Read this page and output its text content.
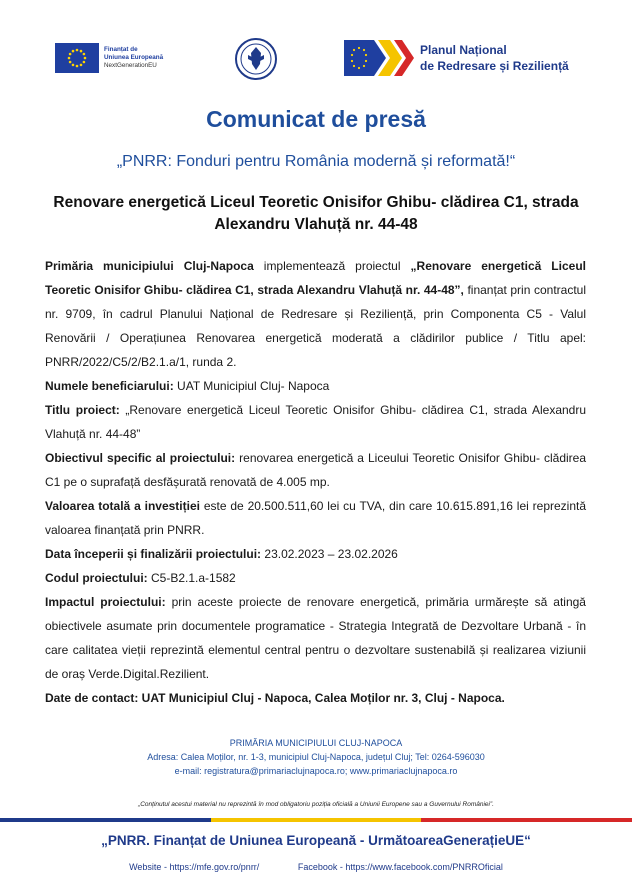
Finanțat de
Uniunea Europeană
NextGenerationEU
Planul Național
de Redresare și Reziliență
Comunicat de presă
„PNRR: Fonduri pentru România modernă și reformată!“
Renovare energetică Liceul Teoretic Onisifor Ghibu- clădirea C1, strada Alexandru Vlahuță nr. 44-48

Primăria municipiului Cluj-Napoca implementează proiectul „Renovare energetică Liceul Teoretic Onisifor Ghibu- clădirea C1, strada Alexandru Vlahuță nr. 44-48”, finanțat prin contractul nr. 9709, în cadrul Planului Național de Redresare și Reziliență, prin Componenta C5 - Valul Renovării / Operațiunea Renovarea energetică moderată a clădirilor publice / Titlu apel: PNRR/2022/C5/2/B2.1.a/1, runda 2.

Numele beneficiarului: UAT Municipiul Cluj- Napoca

Titlu proiect: „Renovare energetică Liceul Teoretic Onisifor Ghibu- clădirea C1, strada Alexandru Vlahuță nr. 44-48”

Obiectivul specific al proiectului: renovarea energetică a Liceului Teoretic Onisifor Ghibu- clădirea C1 pe o suprafață desfășurată renovată de 4.005 mp.

Valoarea totală a investiției este de 20.500.511,60 lei cu TVA, din care 10.615.891,16 lei reprezintă valoarea finanțată prin PNRR.

Data începerii și finalizării proiectului: 23.02.2023 – 23.02.2026

Codul proiectului: C5-B2.1.a-1582

Impactul proiectului: prin aceste proiecte de renovare energetică, primăria urmărește să atingă obiectivele asumate prin documentele programatice - Strategia Integrată de Dezvoltare Urbană - în care calitatea vieții reprezintă elementul central pentru o dezvoltare sustenabilă și realizarea viziunii de oraș Verde.Digital.Rezilient.

Date de contact: UAT Municipiul Cluj - Napoca, Calea Moților nr. 3, Cluj - Napoca.

PRIMĂRIA MUNICIPIULUI CLUJ-NAPOCA
Adresa: Calea Moților, nr. 1-3, municipiul Cluj-Napoca, județul Cluj; Tel: 0264-596030
e-mail: registratura@primariaclujnapoca.ro; www.primariaclujnapoca.ro
„Conținutul acestui material nu reprezintă în mod obligatoriu poziția oficială a Uniunii Europene sau a Guvernului României”.
„PNRR. Finanțat de Uniunea Europeană - UrmătoareaGenerațieUE“
Website - https://mfe.gov.ro/pnrr/	Facebook - https://www.facebook.com/PNRROficial
